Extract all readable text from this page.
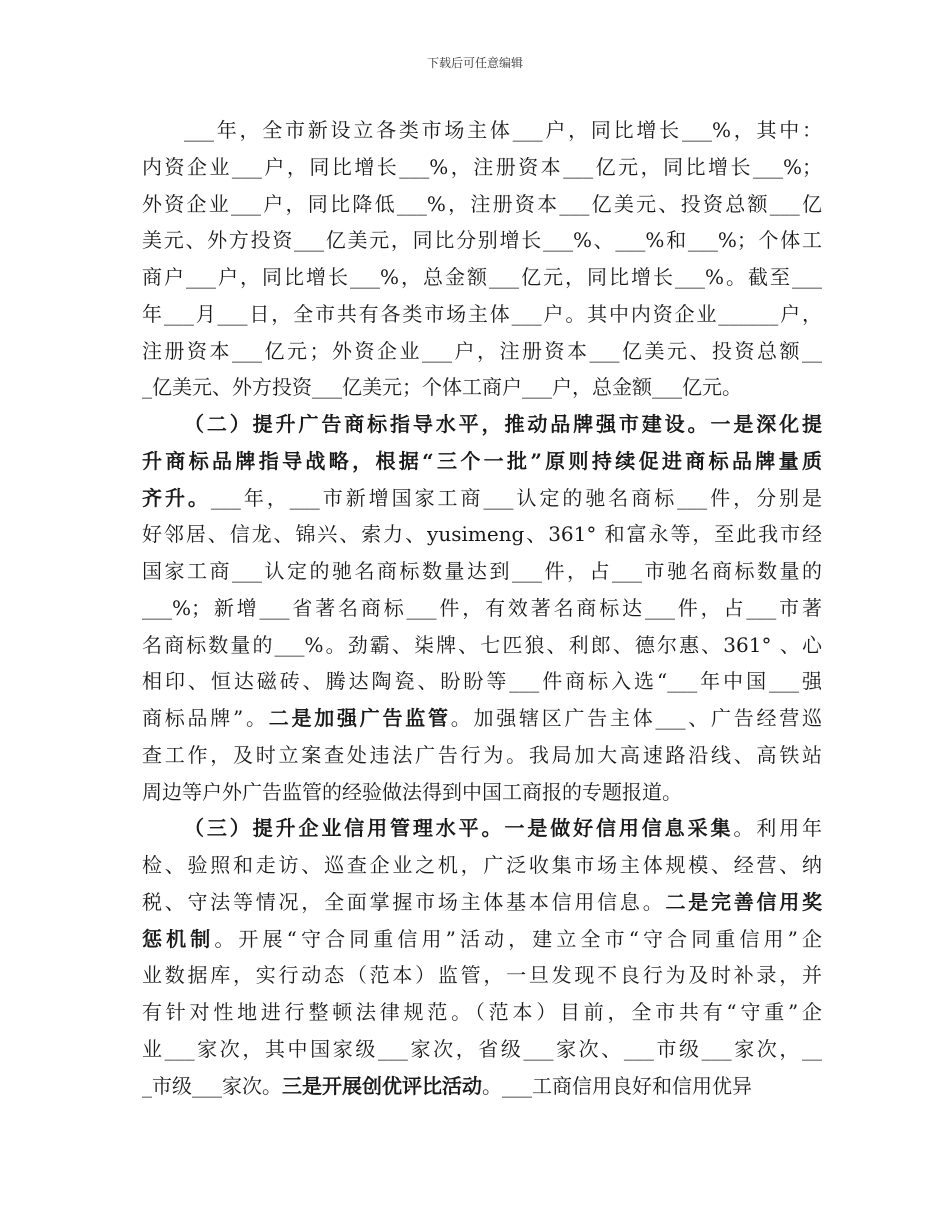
下载后可任意编辑
___年，全市新设立各类市场主体___户，同比增长___%，其中：
内资企业___户，同比增长___%，注册资本___亿元，同比增长___%；
外资企业___户，同比降低___%，注册资本___亿美元、投资总额___亿
美元、外方投资___亿美元，同比分别增长___%、___%和___%；个体工
商户___户，同比增长___%，总金额___亿元，同比增长___%。截至___
年___月___日，全市共有各类市场主体___户。其中内资企业______户，
注册资本___亿元；外资企业___户，注册资本___亿美元、投资总额__
_亿美元、外方投资___亿美元；个体工商户___户，总金额___亿元。
（二）提升广告商标指导水平，推动品牌强市建设。一是深化提
升商标品牌指导战略，根据“三个一批”原则持续促进商标品牌量质
齐升。___年，___市新增国家工商___认定的驰名商标___件，分别是
好邻居、信龙、锦兴、索力、yusimeng、361° 和富永等，至此我市经
国家工商___认定的驰名商标数量达到___件，占___市驰名商标数量的
___%；新增___省著名商标___件，有效著名商标达___件，占___市著
名商标数量的___%。劲霸、柒牌、七匹狼、利郎、德尔惠、361° 、心
相印、恒达磁砖、腾达陶瓷、盼盼等___件商标入选“___年中国___强
商标品牌”。二是加强广告监管。加强辖区广告主体___、广告经营巡
查工作，及时立案查处违法广告行为。我局加大高速路沿线、高铁站
周边等户外广告监管的经验做法得到中国工商报的专题报道。
（三）提升企业信用管理水平。一是做好信用信息采集。利用年
检、验照和走访、巡查企业之机，广泛收集市场主体规模、经营、纳
税、守法等情况，全面掌握市场主体基本信用信息。二是完善信用奖
惩机制。开展“守合同重信用”活动，建立全市“守合同重信用”企
业数据库，实行动态（范本）监管，一旦发现不良行为及时补录，并
有针对性地进行整顿法律规范。（范本）目前，全市共有“守重”企
业___家次，其中国家级___家次，省级___家次、___市级___家次，__
_市级___家次。三是开展创优评比活动。___工商信用良好和信用优异
